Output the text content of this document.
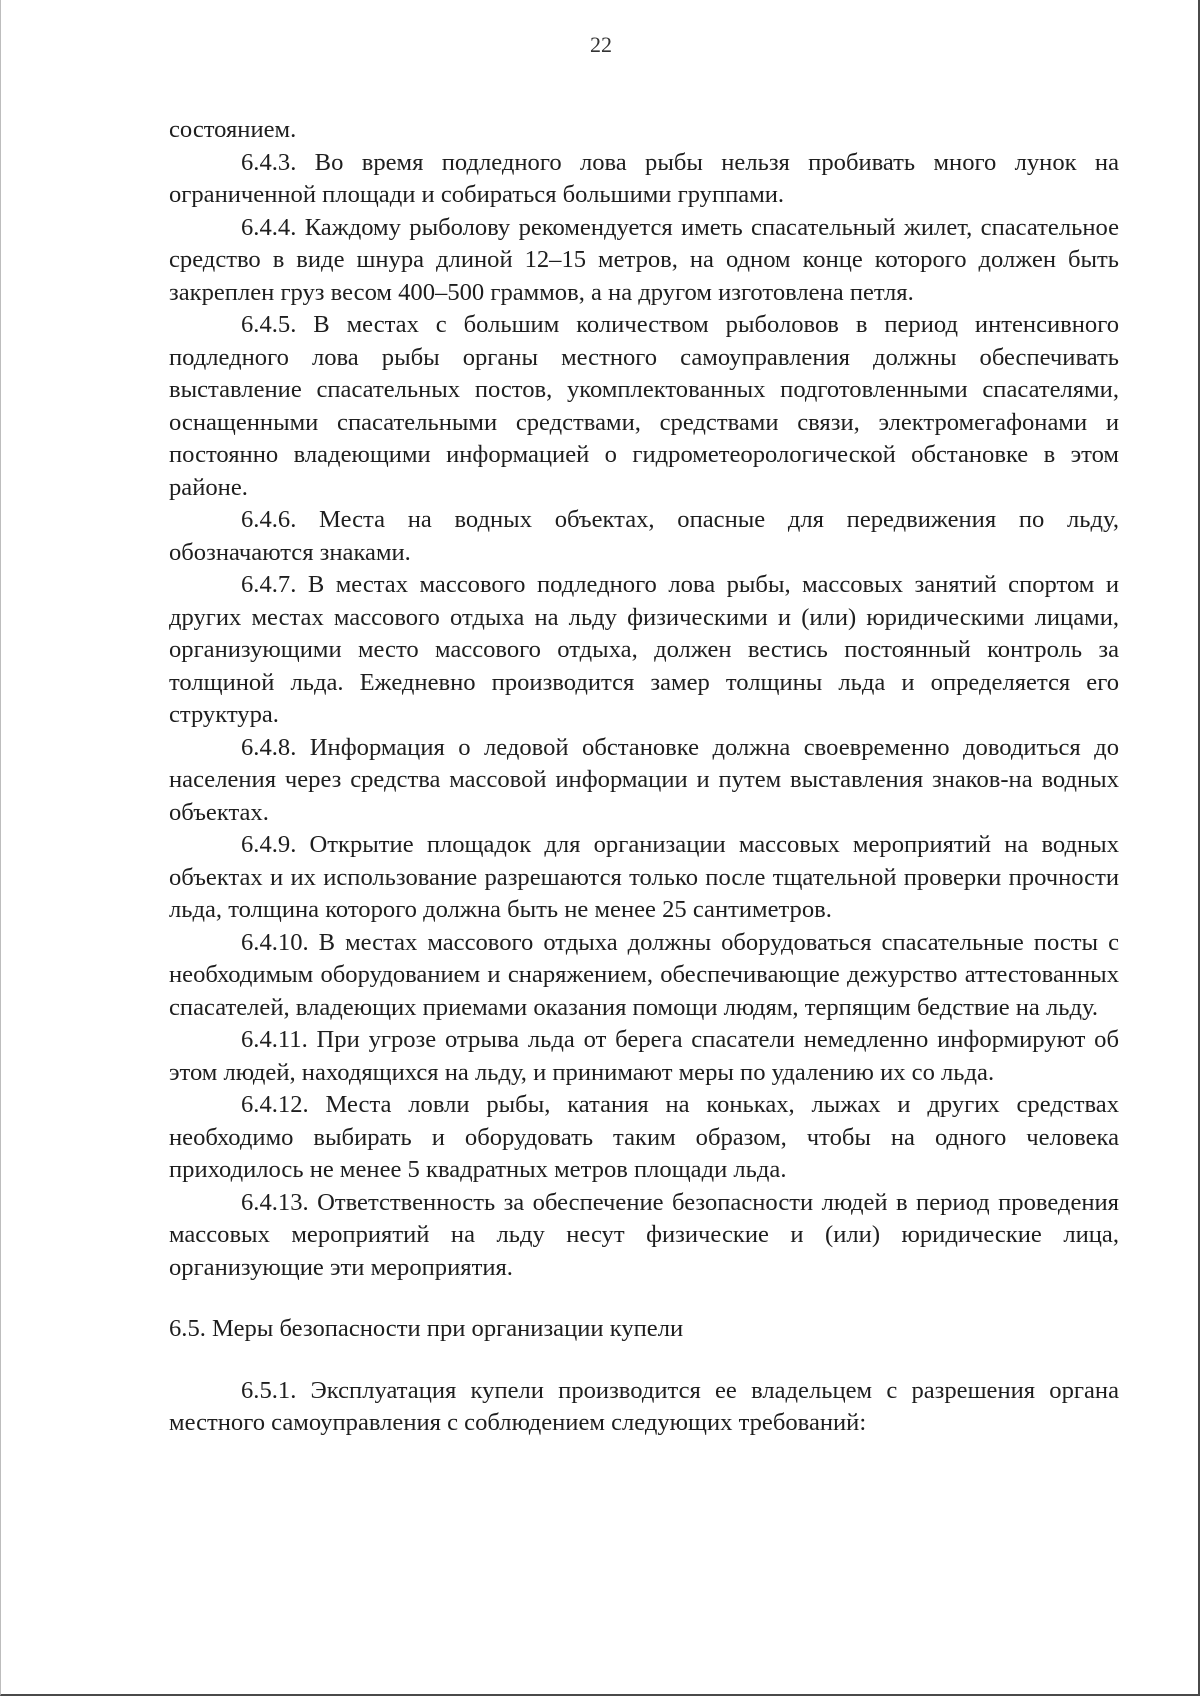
22

состоянием.

6.4.3. Во время подледного лова рыбы нельзя пробивать много лунок на ограниченной площади и собираться большими группами.

6.4.4. Каждому рыболову рекомендуется иметь спасательный жилет, спасательное средство в виде шнура длиной 12–15 метров, на одном конце которого должен быть закреплен груз весом 400–500 граммов, а на другом изготовлена петля.

6.4.5. В местах с большим количеством рыболовов в период интенсивного подледного лова рыбы органы местного самоуправления должны обеспечивать выставление спасательных постов, укомплектованных подготовленными спасателями, оснащенными спасательными средствами, средствами связи, электромегафонами и постоянно владеющими информацией о гидрометеорологической обстановке в этом районе.

6.4.6. Места на водных объектах, опасные для передвижения по льду, обозначаются знаками.

6.4.7. В местах массового подледного лова рыбы, массовых занятий спортом и других местах массового отдыха на льду физическими и (или) юридическими лицами, организующими место массового отдыха, должен вестись постоянный контроль за толщиной льда. Ежедневно производится замер толщины льда и определяется его структура.

6.4.8. Информация о ледовой обстановке должна своевременно доводиться до населения через средства массовой информации и путем выставления знаков-на водных объектах.

6.4.9. Открытие площадок для организации массовых мероприятий на водных объектах и их использование разрешаются только после тщательной проверки прочности льда, толщина которого должна быть не менее 25 сантиметров.

6.4.10. В местах массового отдыха должны оборудоваться спасательные посты с необходимым оборудованием и снаряжением, обеспечивающие дежурство аттестованных спасателей, владеющих приемами оказания помощи людям, терпящим бедствие на льду.

6.4.11. При угрозе отрыва льда от берега спасатели немедленно информируют об этом людей, находящихся на льду, и принимают меры по удалению их со льда.

6.4.12. Места ловли рыбы, катания на коньках, лыжах и других средствах необходимо выбирать и оборудовать таким образом, чтобы на одного человека приходилось не менее 5 квадратных метров площади льда.

6.4.13. Ответственность за обеспечение безопасности людей в период проведения массовых мероприятий на льду несут физические и (или) юридические лица, организующие эти мероприятия.

6.5. Меры безопасности при организации купели

6.5.1. Эксплуатация купели производится ее владельцем с разрешения органа местного самоуправления с соблюдением следующих требований:
